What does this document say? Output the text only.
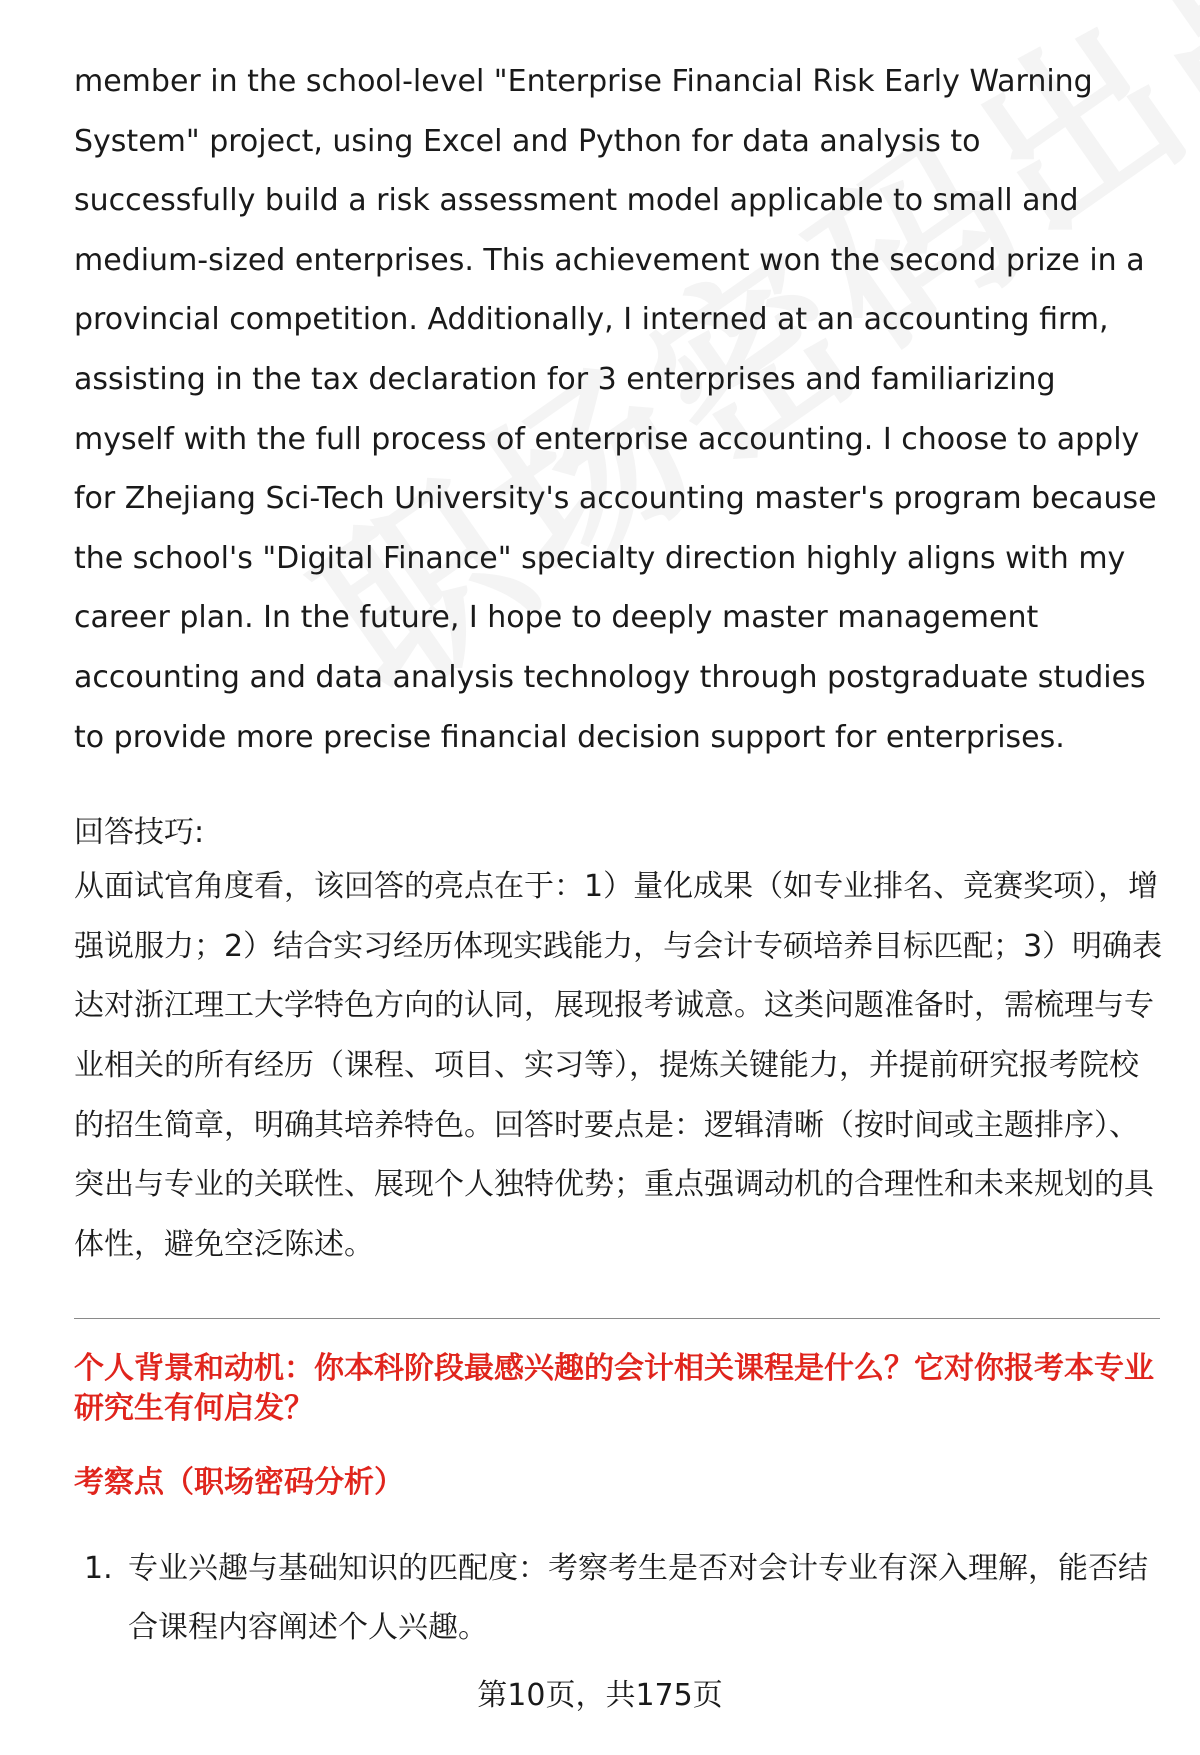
member in the school-level "Enterprise Financial Risk Early Warning System" project, using Excel and Python for data analysis to successfully build a risk assessment model applicable to small and medium-sized enterprises. This achievement won the second prize in a provincial competition. Additionally, I interned at an accounting firm, assisting in the tax declaration for 3 enterprises and familiarizing myself with the full process of enterprise accounting. I choose to apply for Zhejiang Sci-Tech University's accounting master's program because the school's "Digital Finance" specialty direction highly aligns with my career plan. In the future, I hope to deeply master management accounting and data analysis technology through postgraduate studies to provide more precise financial decision support for enterprises.

回答技巧:

从面试官角度看，该回答的亮点在于：1）量化成果（如专业排名、竞赛奖项），增强说服力；2）结合实习经历体现实践能力，与会计专硕培养目标匹配；3）明确表达对浙江理工大学特色方向的认同，展现报考诚意。这类问题准备时，需梳理与专业相关的所有经历（课程、项目、实习等），提炼关键能力，并提前研究报考院校的招生简章，明确其培养特色。回答时要点是：逻辑清晰（按时间或主题排序）、突出与专业的关联性、展现个人独特优势；重点强调动机的合理性和未来规划的具体性，避免空泛陈述。

个人背景和动机：你本科阶段最感兴趣的会计相关课程是什么？它对你报考本专业研究生有何启发？

考察点（职场密码分析）

1. 专业兴趣与基础知识的匹配度：考察考生是否对会计专业有深入理解，能否结合课程内容阐述个人兴趣。
第10页，共175页
